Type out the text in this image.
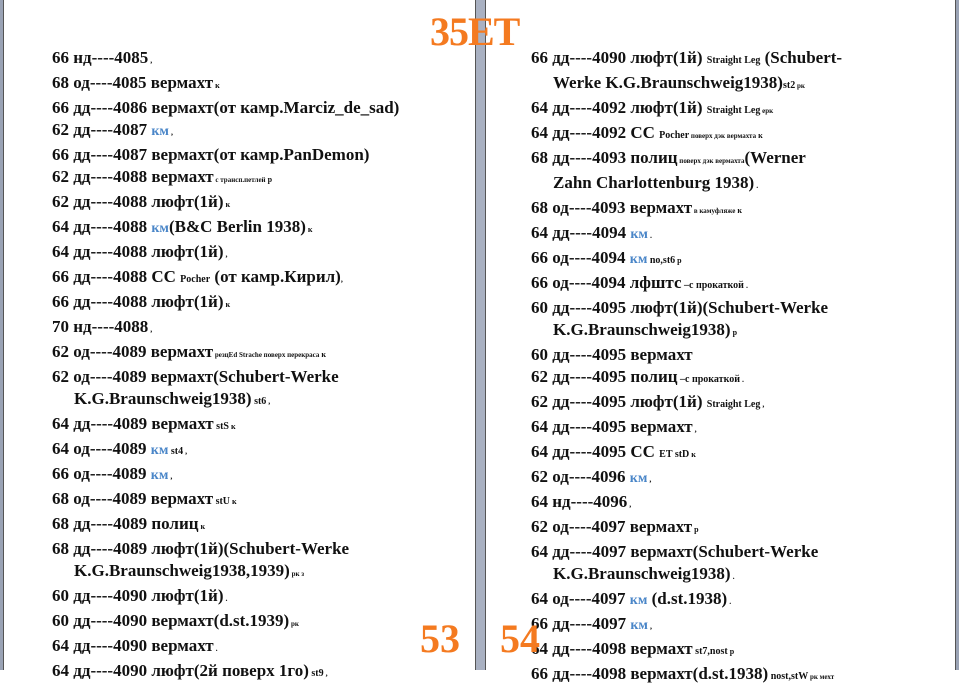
66 нд----4085 ,
68 од----4085 вермахт к
66 дд----4086 вермахт(от камр.Marciz_de_sad)
62 дд----4087 км ,
66 дд----4087 вермахт(от камр.PanDemon)
62 дд----4088 вермахт с трансп.петлей р
62 дд----4088 люфт(1й) к
64 дд----4088 км(B&C Berlin 1938) к
64 дд----4088 люфт(1й) ,
66 дд----4088 СС Pocher (от камр.Кирил),
66 дд----4088 люфт(1й) к
70 нд----4088 ,
62 од----4089 вермахт резцEd Strache поверх перекраса к
62 од----4089 вермахт(Schubert-Werke
K.G.Braunschweig1938) st6 ,
64 дд----4089 вермахт stS к
64 од----4089 км st4 ,
66 од----4089 км ,
68 од----4089 вермахт stU к
68 дд----4089 полиц к
68 дд----4089 люфт(1й)(Schubert-Werke
K.G.Braunschweig1938,1939) рк з
60 дд----4090 люфт(1й) .
60 дд----4090 вермахт(d.st.1939) рк
64 дд----4090 вермахт .
64 дд----4090 люфт(2й поверх 1го) st9 ,
66 дд----4090 люфт(1й) Straight Leg (Schubert-
Werke K.G.Braunschweig1938)st2 рк
64 дд----4092 люфт(1й) Straight Leg ерк
64 дд----4092 СС Pocher поверх дэк вермахта к
68 дд----4093 полиц поверх дэк вермахта(Werner
Zahn Charlottenburg 1938) .
68 од----4093 вермахт в камуфляже к
64 дд----4094 км .
66 од----4094 км no,st6 р
66 од----4094 лфштс –с прокаткой .
60 дд----4095 люфт(1й)(Schubert-Werke
K.G.Braunschweig1938) р
60 дд----4095 вермахт
62 дд----4095 полиц –с прокаткой .
62 дд----4095 люфт(1й) Straight Leg ,
64 дд----4095 вермахт ,
64 дд----4095 СС ET stD к
62 од----4096 км ,
64 нд----4096 ,
62 од----4097 вермахт р
64 дд----4097 вермахт(Schubert-Werke
K.G.Braunschweig1938) .
64 од----4097 км (d.st.1938) .
66 дд----4097 км ,
64 дд----4098 вермахт st7,nost р
66 дд----4098 вермахт(d.st.1938) nost,stW рк мехт
35ET
53 54
